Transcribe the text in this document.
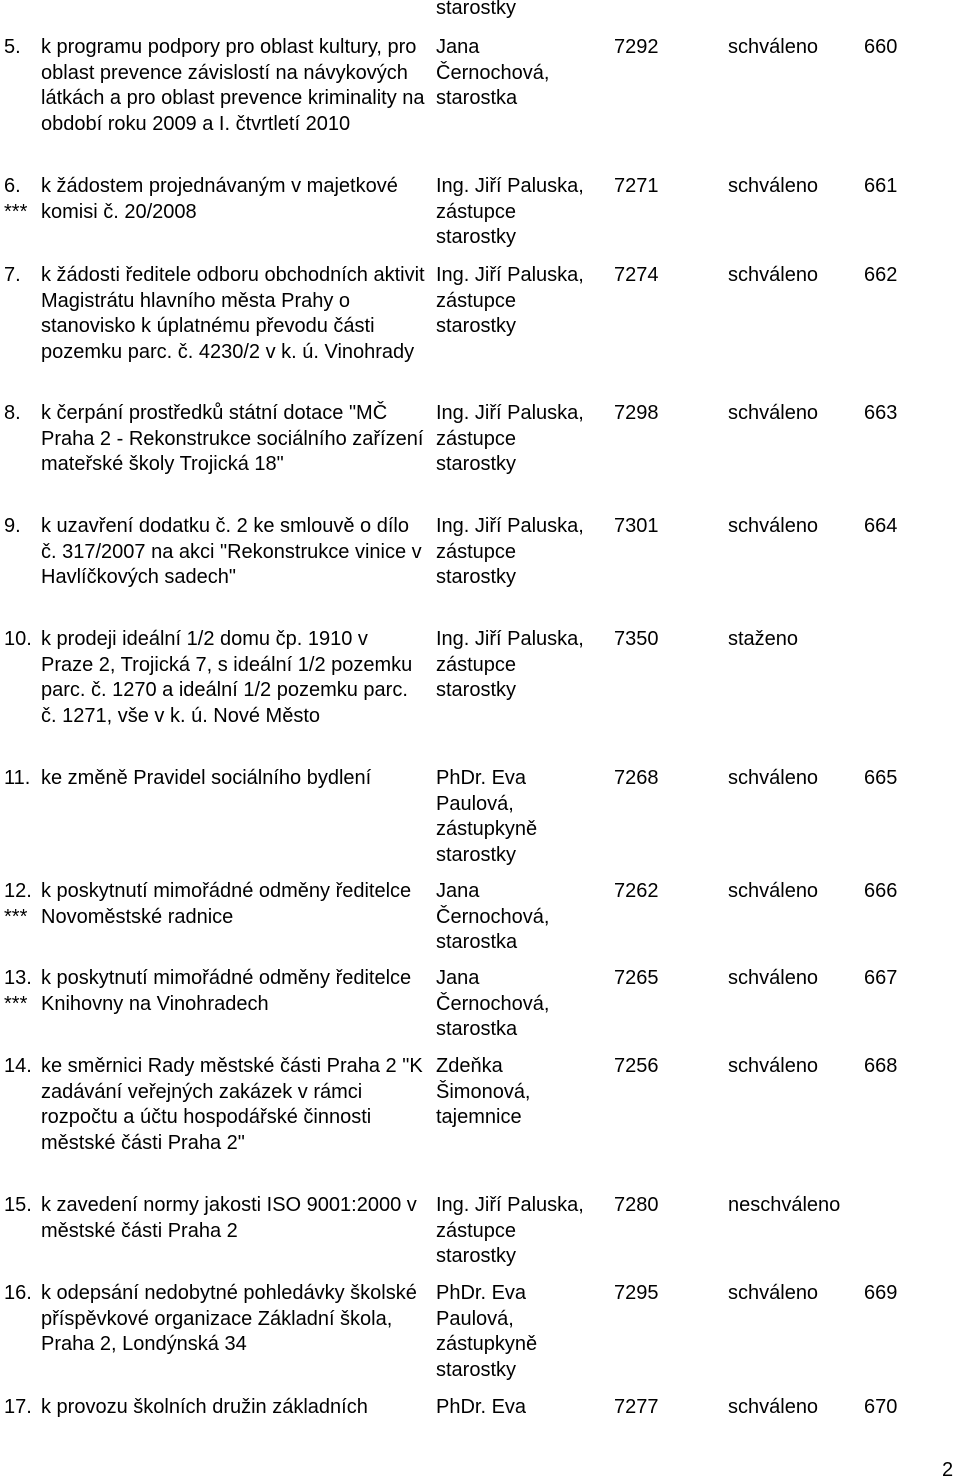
starostky
5.	k programu podpory pro oblast kultury, pro oblast prevence závislostí na návykových látkách a pro oblast prevence kriminality na období roku 2009 a I. čtvrtletí 2010
Jana
Černochová,
starostka
7292	schváleno	660
6.
***
k žádostem projednávaným v majetkové komisi č. 20/2008
Ing. Jiří Paluska,
zástupce
starostky
7271	schváleno	661
7.	k žádosti ředitele odboru obchodních aktivit Magistrátu hlavního města Prahy o stanovisko k úplatnému převodu části pozemku parc. č. 4230/2 v k. ú. Vinohrady
Ing. Jiří Paluska,
zástupce
starostky
7274	schváleno	662
8.	k čerpání prostředků státní dotace "MČ Praha 2 - Rekonstrukce sociálního zařízení mateřské školy Trojická 18"
Ing. Jiří Paluska,
zástupce
starostky
7298	schváleno	663
9.	k uzavření dodatku č. 2 ke smlouvě o dílo č. 317/2007 na akci "Rekonstrukce vinice v Havlíčkových sadech"
Ing. Jiří Paluska,
zástupce
starostky
7301	schváleno	664
10. k prodeji ideální 1/2 domu čp. 1910 v Praze 2, Trojická 7, s ideální 1/2 pozemku parc. č. 1270 a ideální 1/2 pozemku parc. č. 1271, vše v k. ú. Nové Město
Ing. Jiří Paluska,
zástupce
starostky
7350	staženo
11. ke změně Pravidel sociálního bydlení	PhDr. Eva
Paulová,
zástupkyně
starostky
7268	schváleno	665
12.
***
k poskytnutí mimořádné odměny ředitelce Novoměstské radnice
Jana
Černochová,
starostka
7262	schváleno	666
13.
***
k poskytnutí mimořádné odměny ředitelce Knihovny na Vinohradech
Jana
Černochová,
starostka
7265	schváleno	667
14. ke směrnici Rady městské části Praha 2 "K zadávání veřejných zakázek v rámci rozpočtu a účtu hospodářské činnosti městské části Praha 2"
Zdeňka
Šimonová,
tajemnice
7256	schváleno	668
15. k zavedení normy jakosti ISO 9001:2000 v městské části Praha 2
Ing. Jiří Paluska,
zástupce
starostky
7280	neschváleno
16. k odepsání nedobytné pohledávky školské příspěvkové organizace Základní škola, Praha 2, Londýnská 34
PhDr. Eva
Paulová,
zástupkyně
starostky
7295	schváleno	669
17. k provozu školních družin základních	PhDr. Eva	7277	schváleno	670
2
